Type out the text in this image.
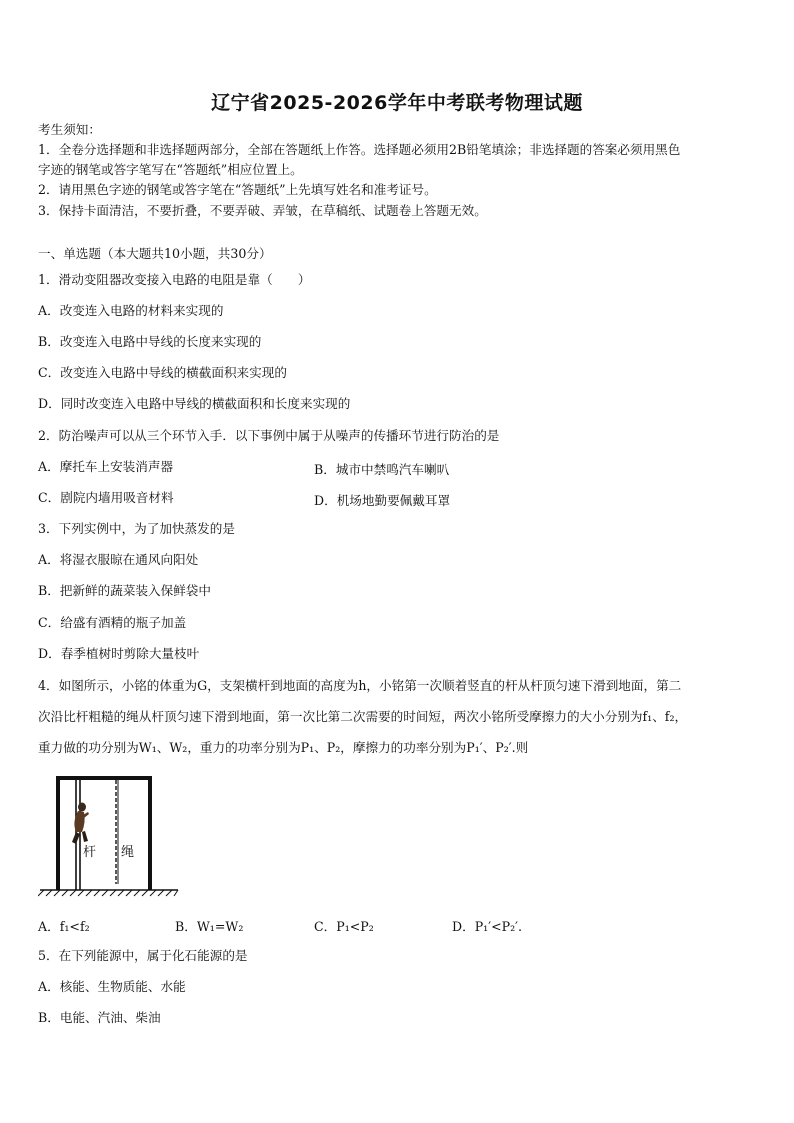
辽宁省2025-2026学年中考联考物理试题
考生须知：
1．全卷分选择题和非选择题两部分，全部在答题纸上作答。选择题必须用2B铅笔填涂；非选择题的答案必须用黑色
字迹的钢笔或答字笔写在“答题纸”相应位置上。
2．请用黑色字迹的钢笔或答字笔在“答题纸”上先填写姓名和准考证号。
3．保持卡面清洁，不要折叠，不要弄破、弄皱，在草稿纸、试题卷上答题无效。
一、单选题（本大题共10小题，共30分）
1．滑动变阻器改变接入电路的电阻是靠（　　）
A．改变连入电路的材料来实现的
B．改变连入电路中导线的长度来实现的
C．改变连入电路中导线的横截面积来实现的
D．同时改变连入电路中导线的横截面积和长度来实现的
2．防治噪声可以从三个环节入手．以下事例中属于从噪声的传播环节进行防治的是
A．摩托车上安装消声器	B．城市中禁鸣汽车喇叭
C．剧院内墙用吸音材料	D．机场地勤要佩戴耳罩
3．下列实例中，为了加快蒸发的是
A．将湿衣服晾在通风向阳处
B．把新鲜的蔬菜装入保鲜袋中
C．给盛有酒精的瓶子加盖
D．春季植树时剪除大量枝叶
4．如图所示，小铭的体重为G，支架横杆到地面的高度为h，小铭第一次顺着竖直的杆从杆顶匀速下滑到地面，第二
次沿比杆粗糙的绳从杆顶匀速下滑到地面，第一次比第二次需要的时间短，两次小铭所受摩擦力的大小分别为f₁、f₂，
重力做的功分别为W₁、W₂，重力的功率分别为P₁、P₂，摩擦力的功率分别为P₁′、P₂′.则
杆 绳
A．f₁<f₂	B．W₁=W₂	C．P₁<P₂	D．P₁′<P₂′.
5．在下列能源中，属于化石能源的是
A．核能、生物质能、水能
B．电能、汽油、柴油
